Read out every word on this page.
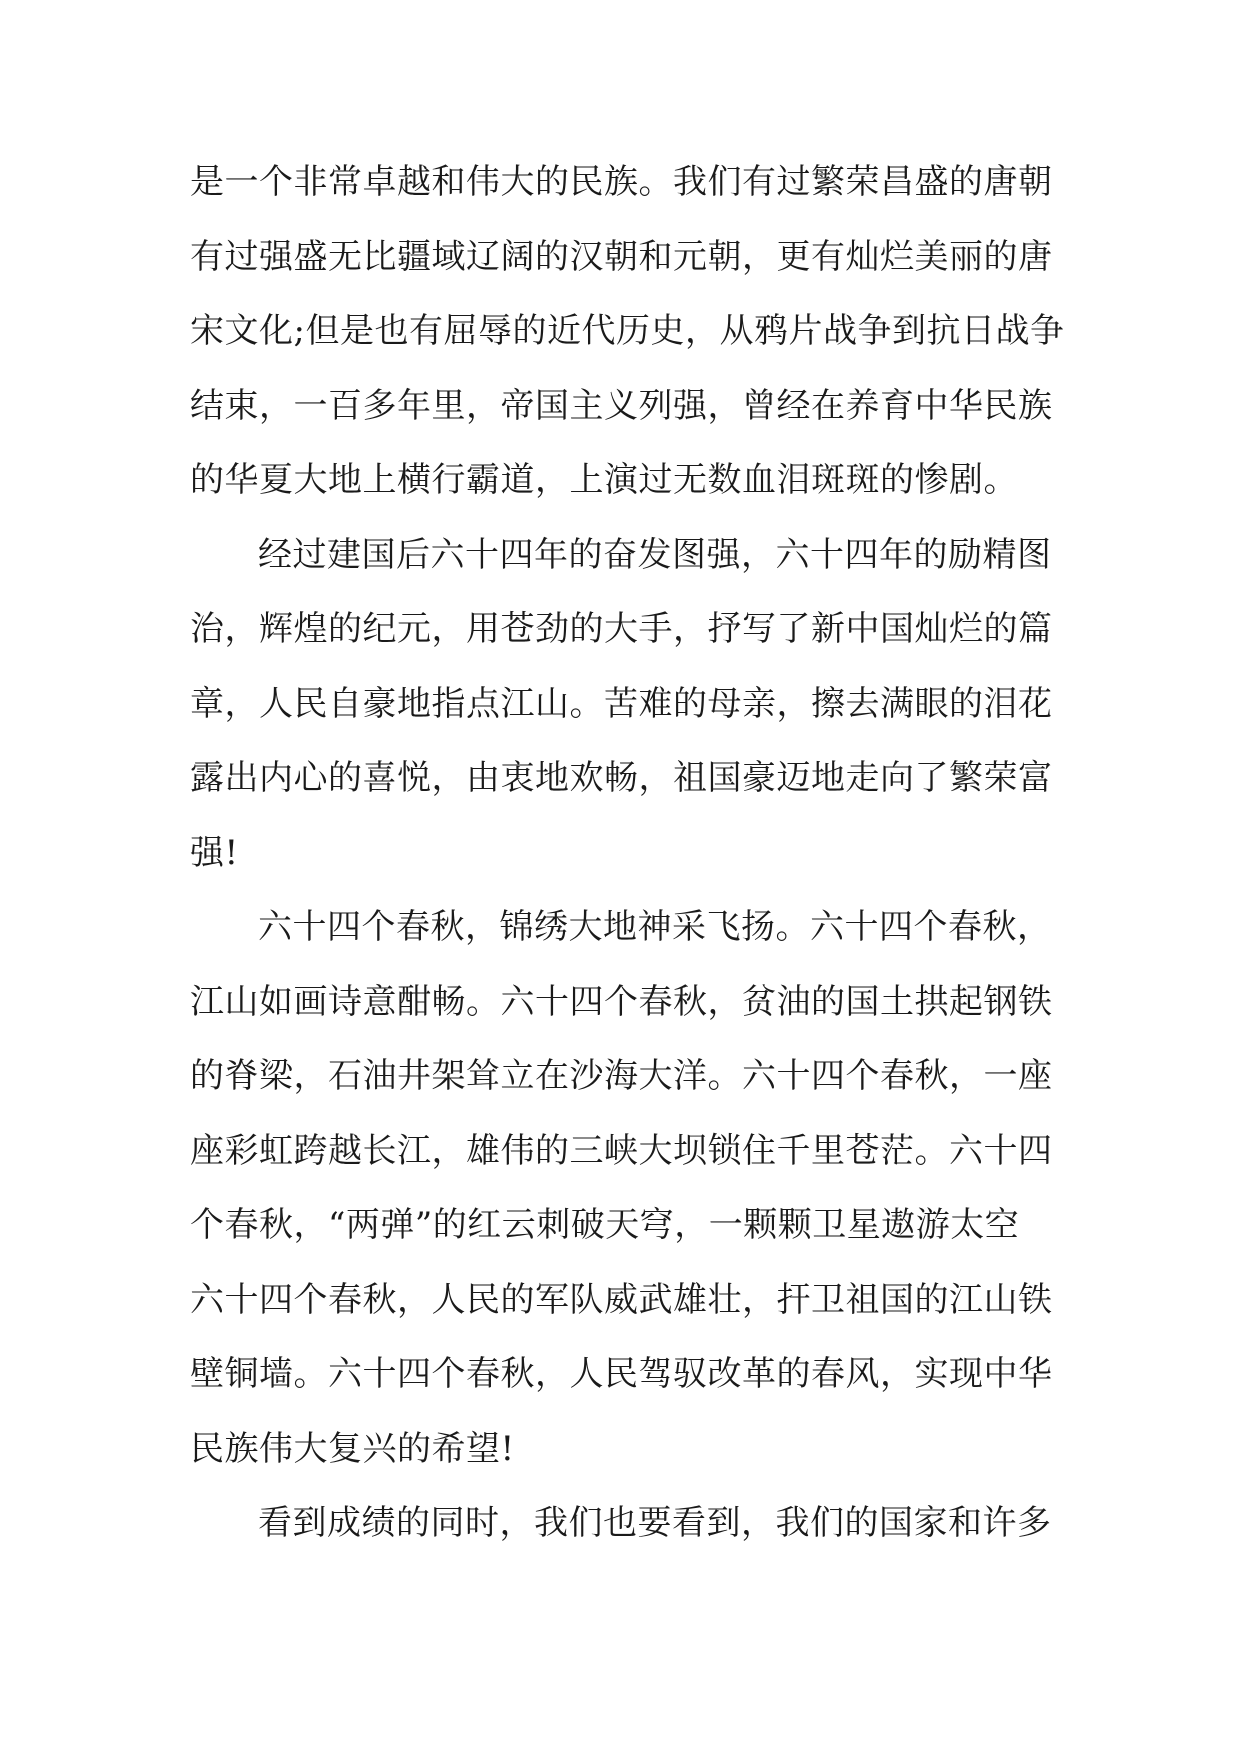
是一个非常卓越和伟大的民族。我们有过繁荣昌盛的唐朝
有过强盛无比疆域辽阔的汉朝和元朝，更有灿烂美丽的唐
宋文化;但是也有屈辱的近代历史，从鸦片战争到抗日战争
结束，一百多年里，帝国主义列强，曾经在养育中华民族
的华夏大地上横行霸道，上演过无数血泪斑斑的惨剧。
经过建国后六十四年的奋发图强，六十四年的励精图
治，辉煌的纪元，用苍劲的大手，抒写了新中国灿烂的篇
章，人民自豪地指点江山。苦难的母亲，擦去满眼的泪花
露出内心的喜悦，由衷地欢畅，祖国豪迈地走向了繁荣富
强!
六十四个春秋，锦绣大地神采飞扬。六十四个春秋，
江山如画诗意酣畅。六十四个春秋，贫油的国土拱起钢铁
的脊梁，石油井架耸立在沙海大洋。六十四个春秋，一座
座彩虹跨越长江，雄伟的三峡大坝锁住千里苍茫。六十四
个春秋，“两弹”的红云刺破天穹，一颗颗卫星遨游太空
六十四个春秋，人民的军队威武雄壮，扞卫祖国的江山铁
壁铜墙。六十四个春秋，人民驾驭改革的春风，实现中华
民族伟大复兴的希望!
看到成绩的同时，我们也要看到，我们的国家和许多
